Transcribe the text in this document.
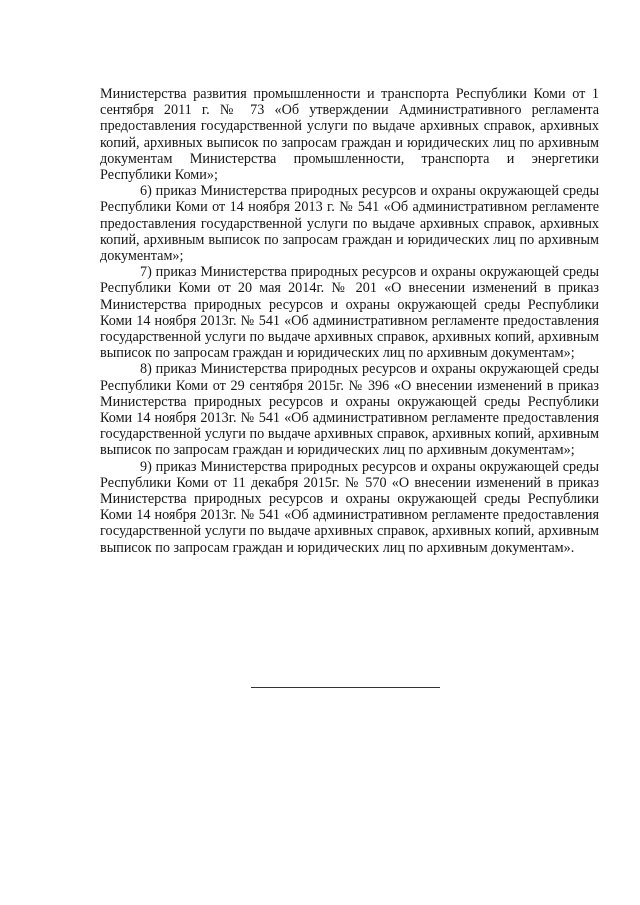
Министерства развития промышленности и транспорта Республики Коми от 1 сентября 2011 г. № 73 «Об утверждении Административного регламента предоставления государственной услуги по выдаче архивных справок, архивных копий, архивных выписок по запросам граждан и юридических лиц по архивным документам Министерства промышленности, транспорта и энергетики Республики Коми»;

6) приказ Министерства природных ресурсов и охраны окружающей среды Республики Коми от 14 ноября 2013 г. № 541 «Об административном регламенте предоставления государственной услуги по выдаче архивных справок, архивных копий, архивным выписок по запросам граждан и юридических лиц по архивным документам»;

7) приказ Министерства природных ресурсов и охраны окружающей среды Республики Коми от 20 мая 2014г. № 201 «О внесении изменений в приказ Министерства природных ресурсов и охраны окружающей среды Республики Коми 14 ноября 2013г. № 541 «Об административном регламенте предоставления государственной услуги по выдаче архивных справок, архивных копий, архивным выписок по запросам граждан и юридических лиц по архивным документам»;

8) приказ Министерства природных ресурсов и охраны окружающей среды Республики Коми от 29 сентября 2015г. № 396 «О внесении изменений в приказ Министерства природных ресурсов и охраны окружающей среды Республики Коми 14 ноября 2013г. № 541 «Об административном регламенте предоставления государственной услуги по выдаче архивных справок, архивных копий, архивным выписок по запросам граждан и юридических лиц по архивным документам»;

9) приказ Министерства природных ресурсов и охраны окружающей среды Республики Коми от 11 декабря 2015г. № 570 «О внесении изменений в приказ Министерства природных ресурсов и охраны окружающей среды Республики Коми 14 ноября 2013г. № 541 «Об административном регламенте предоставления государственной услуги по выдаче архивных справок, архивных копий, архивным выписок по запросам граждан и юридических лиц по архивным документам».
